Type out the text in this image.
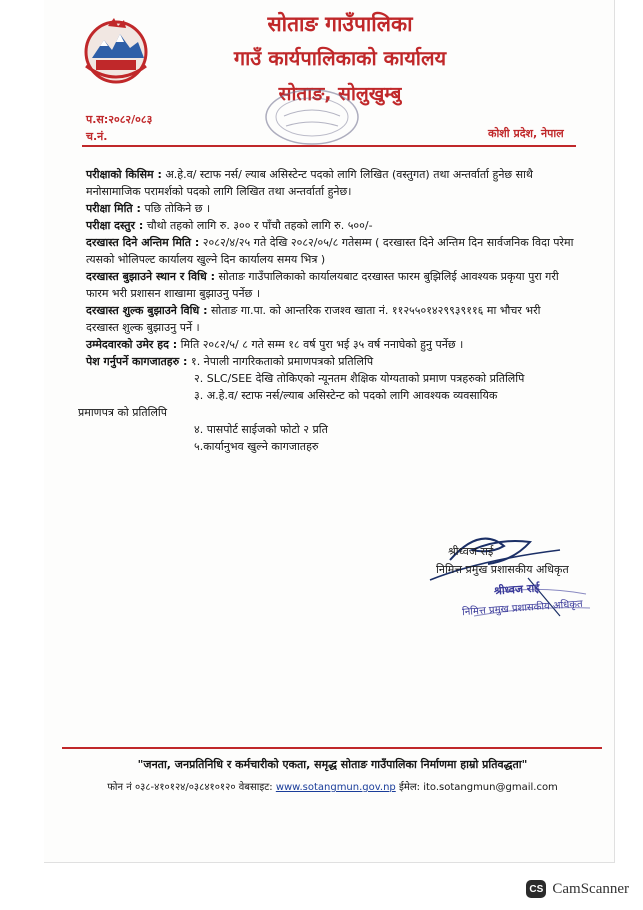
सोताङ गाउँपालिका
गाउँ कार्यपालिकाको कार्यालय
सोताङ, सोलुखुम्बु
प.स:२०८२/०८३
च.नं.	कोशी प्रदेश, नेपाल

परीक्षाको किसिम : अ.हे.व/ स्टाफ नर्स/ ल्याब असिस्टेन्ट पदको लागि लिखित (वस्तुगत) तथा अन्तर्वार्ता हुनेछ साथै मनोसामाजिक परामर्शको पदको लागि लिखित तथा अन्तर्वार्ता हुनेछ।

परीक्षा मिति : पछि तोकिने छ ।

परीक्षा दस्तुर : चौथो तहको लागि रु. ३०० र पाँचौ तहको लागि रु. ५००/-

दरखास्त दिने अन्तिम मिति : २०८२/४/२५ गते देखि २०८२/०५/८ गतेसम्म ( दरखास्त दिने अन्तिम दिन सार्वजनिक विदा परेमा त्यसको भोलिपल्ट कार्यालय खुल्ने दिन कार्यालय समय भित्र )

दरखास्त बुझाउने स्थान र विधि : सोताङ गाउँपालिकाको कार्यालयबाट दरखास्त फारम बुझिलिई आवश्यक प्रकृया पुरा गरी फारम भरी प्रशासन शाखामा बुझाउनु पर्नेछ ।

दरखास्त शुल्क बुझाउने विधि : सोताङ गा.पा. को आन्तरिक राजश्व खाता नं. ११२५५०१४२९९३९११६ मा भौचर भरी दरखास्त शुल्क बुझाउनु पर्ने ।

उम्मेदवारको उमेर हद : मिति २०८२/५/ ८ गते सम्म १८ वर्ष पुरा भई ३५ वर्ष ननाघेको हुनु पर्नेछ ।

पेश गर्नुपर्ने कागजातहरु : १. नेपाली नागरिकताको प्रमाणपत्रको प्रतिलिपि

२. SLC/SEE देखि तोकिएको न्यूनतम शैक्षिक योग्यताको प्रमाण पत्रहरुको प्रतिलिपि

३. अ.हे.व/ स्टाफ नर्स/ल्याब असिस्टेन्ट को पदको लागि आवश्यक व्यवसायिक

प्रमाणपत्र को प्रतिलिपि

४. पासपोर्ट साईजको फोटो २ प्रति

५.कार्यानुभव खुल्ने कागजातहरु

श्रीध्वज राई
निमित्त प्रमुख प्रशासकीय अधिकृत
श्रीध्वज राई
निमित्त प्रमुख प्रशासकीय अधिकृत
"जनता, जनप्रतिनिधि र कर्मचारीको एकता, समृद्ध सोताङ गाउँपालिका निर्माणमा हाम्रो प्रतिवद्धता"
फोन नं ०३८-४१०१२४/०३८४१०१२० वेबसाइट: www.sotangmun.gov.np ईमेल: ito.sotangmun@gmail.com
CS CamScanner
